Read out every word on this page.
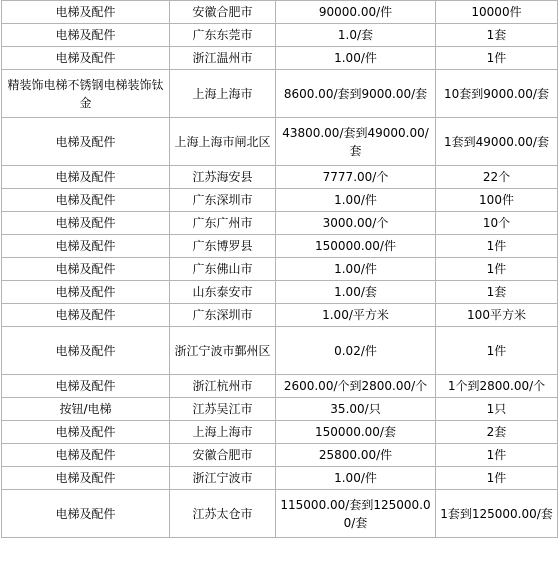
电梯及配件	安徽合肥市	90000.00/件	10000件
电梯及配件	广东东莞市	1.0/套	1套
电梯及配件	浙江温州市	1.00/件	1件
精装饰电梯不锈钢电梯装饰钛金	上海上海市	8600.00/套到9000.00/套	10套到9000.00/套
电梯及配件	上海上海市闸北区	43800.00/套到49000.00/套	1套到49000.00/套
电梯及配件	江苏海安县	7777.00/个	22个
电梯及配件	广东深圳市	1.00/件	100件
电梯及配件	广东广州市	3000.00/个	10个
电梯及配件	广东博罗县	150000.00/件	1件
电梯及配件	广东佛山市	1.00/件	1件
电梯及配件	山东泰安市	1.00/套	1套
电梯及配件	广东深圳市	1.00/平方米	100平方米
电梯及配件	浙江宁波市鄞州区	0.02/件	1件
电梯及配件	浙江杭州市	2600.00/个到2800.00/个	1个到2800.00/个
按钮/电梯	江苏吴江市	35.00/只	1只
电梯及配件	上海上海市	150000.00/套	2套
电梯及配件	安徽合肥市	25800.00/件	1件
电梯及配件	浙江宁波市	1.00/件	1件
电梯及配件	江苏太仓市	115000.00/套到125000.00/套	1套到125000.00/套
